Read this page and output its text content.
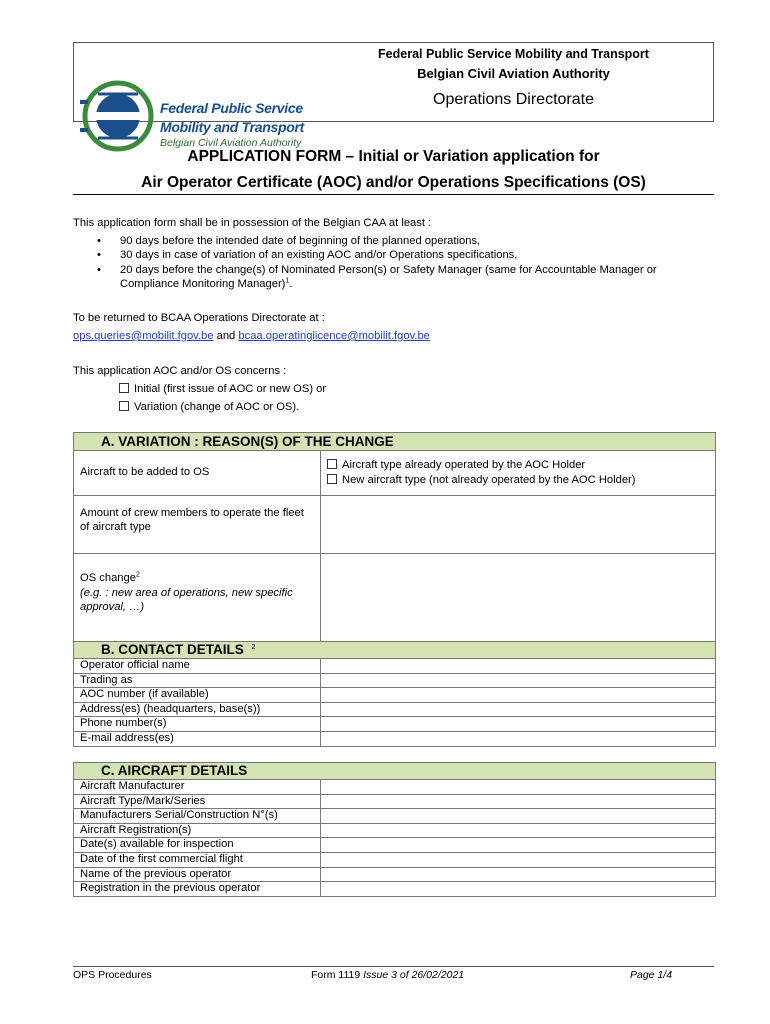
Federal Public Service Mobility and Transport
Belgian Civil Aviation Authority
Operations Directorate
Federal Public Service
Mobility and Transport
Belgian Civil Aviation Authority
APPLICATION FORM – Initial or Variation application for
Air Operator Certificate (AOC) and/or Operations Specifications (OS)
This application form shall be in possession of the Belgian CAA at least :
• 90 days before the intended date of beginning of the planned operations,
• 30 days in case of variation of an existing AOC and/or Operations specifications,
• 20 days before the change(s) of Nominated Person(s) or Safety Manager (same for Accountable Manager or Compliance Monitoring Manager)$^1$.
To be returned to BCAA Operations Directorate at :
ops.queries@mobilit.fgov.be and bcaa.operatinglicence@mobilit.fgov.be
This application AOC and/or OS concerns :
Initial (first issue of AOC or new OS) or
Variation (change of AOC or OS).
A. VARIATION : REASON(S) OF THE CHANGE	
Aircraft to be added to OS	Aircraft type already operated by the AOC Holder
New aircraft type (not already operated by the AOC Holder)

Amount of crew members to operate the fleet of aircraft type	
OS change$^2$
(e.g. : new area of operations, new specific approval, …)	
B. CONTACT DETAILS $^2$
Operator official name	
Trading as	
AOC number (if available)	
Address(es) (headquarters, base(s))	
Phone number(s)	
E-mail address(es)	
C. AIRCRAFT DETAILS	
Aircraft Manufacturer	
Aircraft Type/Mark/Series	
Manufacturers Serial/Construction N°(s)	
Aircraft Registration(s)	
Date(s) available for inspection	
Date of the first commercial flight	
Name of the previous operator	
Registration in the previous operator	
OPS Procedures	Form 1119 Issue 3 of 26/02/2021	Page 1/4
